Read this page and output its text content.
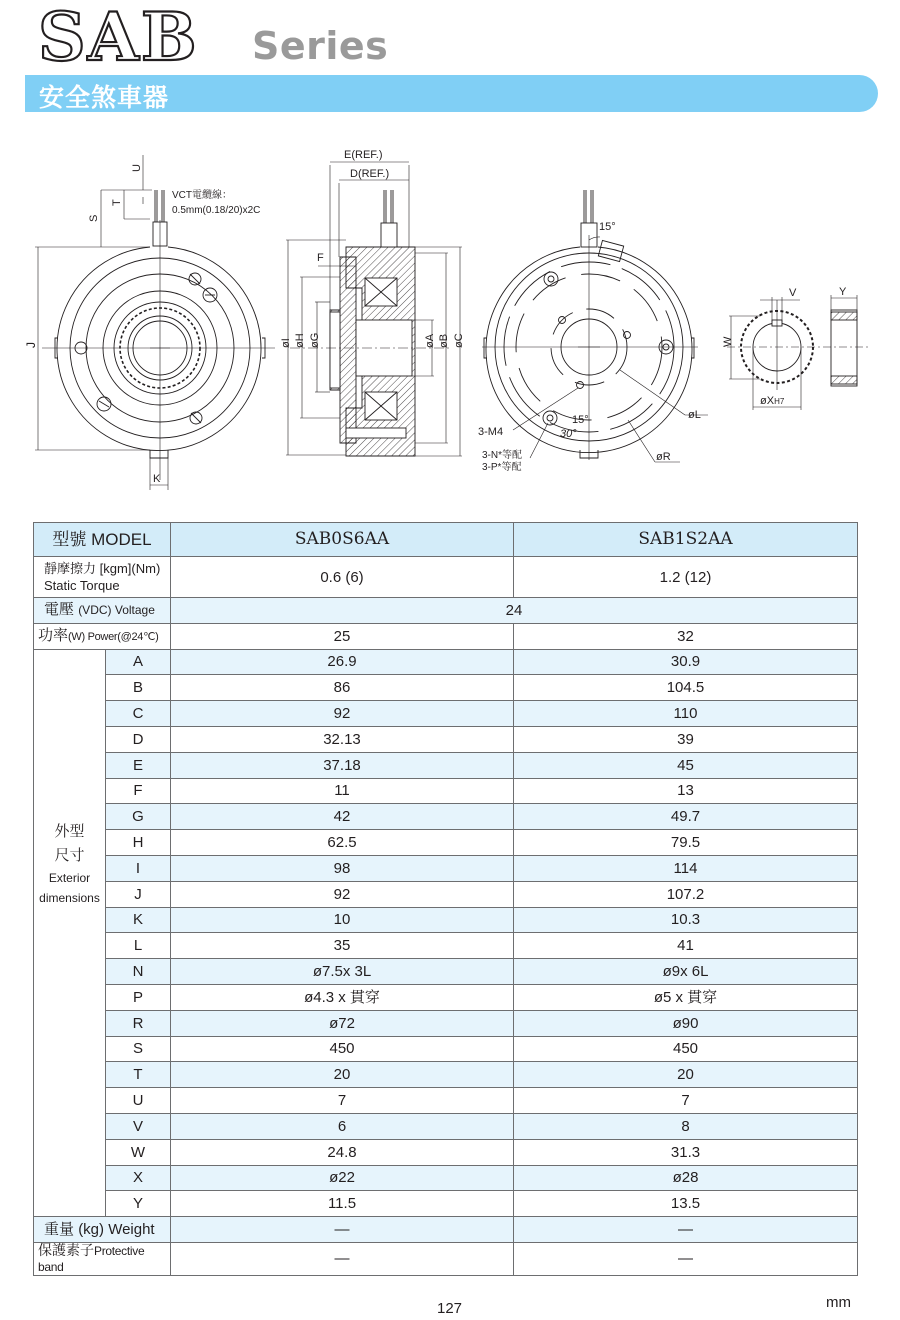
SAB Series
安全煞車器
U
T
S
J
K
VCT電纜線：
0.5mm(0.18/20)x2C
E(REF.)
D(REF.)
F
øI øH øG	øA øB øC
15°
15°
30°
3-M4
3-N*等配
3-P*等配
øL
øR
V
W
øXH7
Y
型號 MODEL		SAB0S6AA	SAB1S2AA
靜摩擦力 [kgm](Nm)
Static Torque		0.6 (6)	1.2 (12)
電壓 (VDC) Voltage		24	
功率(W) Power(@24℃)		25	32

外型
尺寸
Exterior
dimensions	A	26.9	30.9
	B	86	104.5
	C	92	110
	D	32.13	39
	E	37.18	45
	F	11	13
	G	42	49.7
	H	62.5	79.5
	I	98	114
	J	92	107.2
	K	10	10.3
	L	35	41
	N	ø7.5x 3L	ø9x 6L
	P	ø4.3 x 貫穿	ø5 x 貫穿
	R	ø72	ø90
	S	450	450
	T	20	20
	U	7	7
	V	6	8
	W	24.8	31.3
	X	ø22	ø28
	Y	11.5	13.5
重量 (kg) Weight		—	—
保護素子Protective band		—	—
127	mm
